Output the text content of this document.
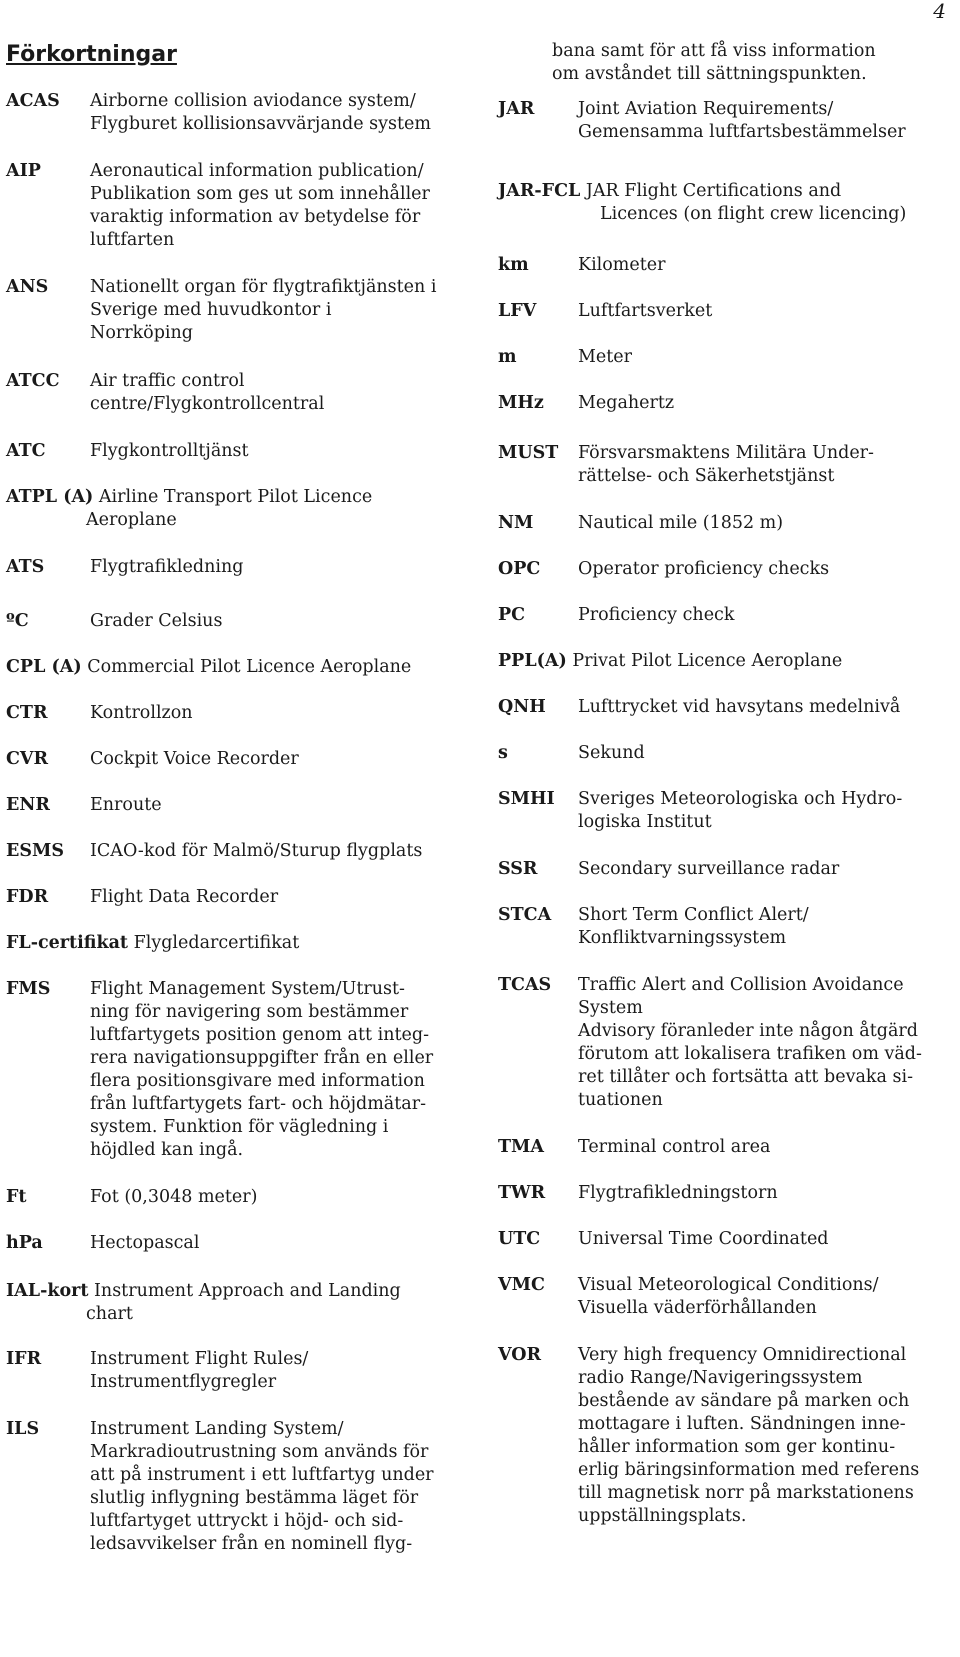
4
Förkortningar
ACAS	Airborne collision aviodance system/
Flygburet kollisionsavvärjande system
AIP	Aeronautical information publication/
Publikation som ges ut som innehåller
varaktig information av betydelse för
luftfarten
ANS	Nationellt organ för flygtrafiktjänsten i
Sverige med huvudkontor i
Norrköping
ATCC	Air traffic control
centre/Flygkontrollcentral
ATC	Flygkontrolltjänst
ATPL (A) Airline Transport Pilot Licence
Aeroplane
ATS	Flygtrafikledning
ºC	Grader Celsius
CPL (A) Commercial Pilot Licence Aeroplane
CTR	Kontrollzon
CVR	Cockpit Voice Recorder
ENR	Enroute
ESMS	ICAO-kod för Malmö/Sturup flygplats
FDR	Flight Data Recorder
FL-certifikat Flygledarcertifikat
FMS	Flight Management System/Utrust-
ning för navigering som bestämmer
luftfartygets position genom att integ-
rera navigationsuppgifter från en eller
flera positionsgivare med information
från luftfartygets fart- och höjdmätar-
system. Funktion för vägledning i
höjdled kan ingå.
Ft	Fot (0,3048 meter)
hPa	Hectopascal
IAL-kort Instrument Approach and Landing
chart
IFR	Instrument Flight Rules/
Instrumentflygregler
ILS	Instrument Landing System/
Markradioutrustning som används för
att på instrument i ett luftfartyg under
slutlig inflygning bestämma läget för
luftfartyget uttryckt i höjd- och sid-
ledsavvikelser från en nominell flyg-
bana samt för att få viss information
om avståndet till sättningspunkten.
JAR	Joint Aviation Requirements/
Gemensamma luftfartsbestämmelser
JAR-FCL JAR Flight Certifications and
Licences (on flight crew licencing)
km	Kilometer
LFV	Luftfartsverket
m	Meter
MHz	Megahertz
MUST	Försvarsmaktens Militära Under-
rättelse- och Säkerhetstjänst
NM	Nautical mile (1852 m)
OPC	Operator proficiency checks
PC	Proficiency check
PPL(A) Privat Pilot Licence Aeroplane
QNH	Lufttrycket vid havsytans medelnivå
s	Sekund
SMHI	Sveriges Meteorologiska och Hydro-
logiska Institut
SSR	Secondary surveillance radar
STCA	Short Term Conflict Alert/
Konfliktvarningssystem
TCAS	Traffic Alert and Collision Avoidance
System
Advisory föranleder inte någon åtgärd
förutom att lokalisera trafiken om väd-
ret tillåter och fortsätta att bevaka si-
tuationen
TMA	Terminal control area
TWR	Flygtrafikledningstorn
UTC	Universal Time Coordinated
VMC	Visual Meteorological Conditions/
Visuella väderförhållanden
VOR	Very high frequency Omnidirectional
radio Range/Navigeringssystem
bestående av sändare på marken och
mottagare i luften. Sändningen inne-
håller information som ger kontinu-
erlig bäringsinformation med referens
till magnetisk norr på markstationens
uppställningsplats.
